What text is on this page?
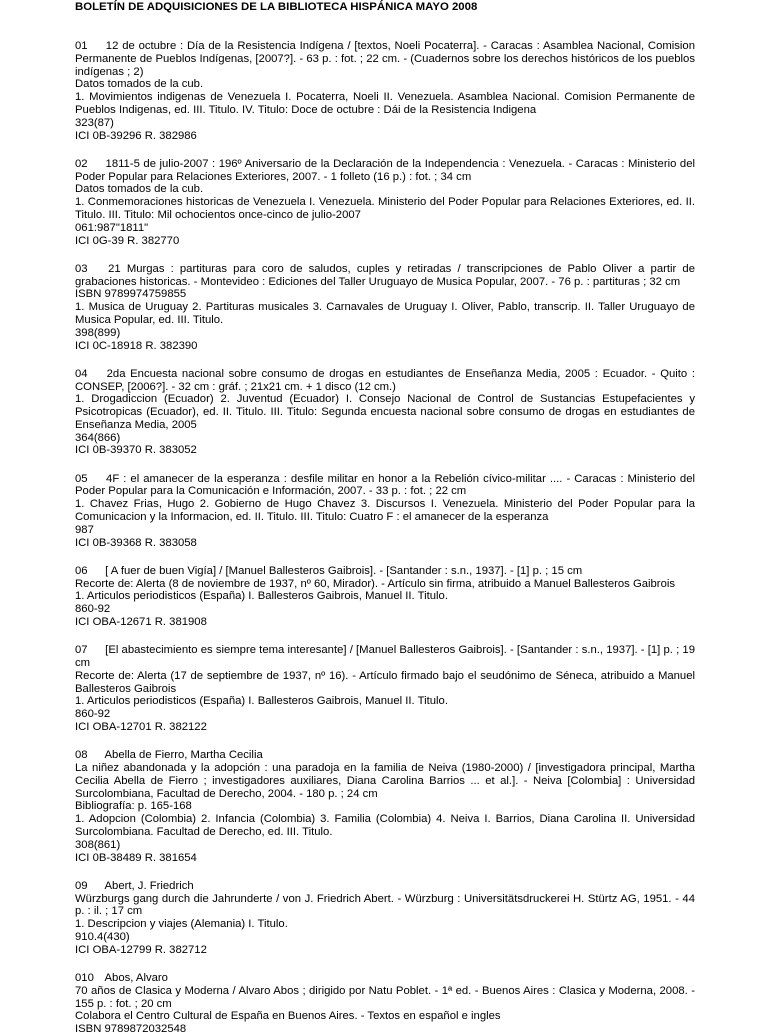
BOLETÍN DE ADQUISICIONES DE LA BIBLIOTECA HISPÁNICA MAYO 2008
01 12 de octubre : Día de la Resistencia Indígena / [textos, Noeli Pocaterra]. - Caracas : Asamblea Nacional, Comision Permanente de Pueblos Indígenas, [2007?]. - 63 p. : fot. ; 22 cm. - (Cuadernos sobre los derechos históricos de los pueblos indígenas ; 2)
Datos tomados de la cub.
1. Movimientos indigenas de Venezuela I. Pocaterra, Noeli II. Venezuela. Asamblea Nacional. Comision Permanente de Pueblos Indigenas, ed. III. Titulo. IV. Titulo: Doce de octubre : Dái de la Resistencia Indigena
323(87)
ICI 0B-39296 R. 382986
02 1811-5 de julio-2007 : 196º Aniversario de la Declaración de la Independencia : Venezuela. - Caracas : Ministerio del Poder Popular para Relaciones Exteriores, 2007. - 1 folleto (16 p.) : fot. ; 34 cm
Datos tomados de la cub.
1. Conmemoraciones historicas de Venezuela I. Venezuela. Ministerio del Poder Popular para Relaciones Exteriores, ed. II. Titulo. III. Titulo: Mil ochocientos once-cinco de julio-2007
061:987"1811"
ICI 0G-39 R. 382770
03 21 Murgas : partituras para coro de saludos, cuples y retiradas / transcripciones de Pablo Oliver a partir de grabaciones historicas. - Montevideo : Ediciones del Taller Uruguayo de Musica Popular, 2007. - 76 p. : partituras ; 32 cm
ISBN 9789974759855
1. Musica de Uruguay 2. Partituras musicales 3. Carnavales de Uruguay I. Oliver, Pablo, transcrip. II. Taller Uruguayo de Musica Popular, ed. III. Titulo.
398(899)
ICI 0C-18918 R. 382390
04 2da Encuesta nacional sobre consumo de drogas en estudiantes de Enseñanza Media, 2005 : Ecuador. - Quito : CONSEP, [2006?]. - 32 cm : gráf. ; 21x21 cm. + 1 disco (12 cm.)
1. Drogadiccion (Ecuador) 2. Juventud (Ecuador) I. Consejo Nacional de Control de Sustancias Estupefacientes y Psicotropicas (Ecuador), ed. II. Titulo. III. Titulo: Segunda encuesta nacional sobre consumo de drogas en estudiantes de Enseñanza Media, 2005
364(866)
ICI 0B-39370 R. 383052
05 4F : el amanecer de la esperanza : desfile militar en honor a la Rebelión cívico-militar .... - Caracas : Ministerio del Poder Popular para la Comunicación e Información, 2007. - 33 p. : fot. ; 22 cm
1. Chavez Frias, Hugo 2. Gobierno de Hugo Chavez 3. Discursos I. Venezuela. Ministerio del Poder Popular para la Comunicacion y la Informacion, ed. II. Titulo. III. Titulo: Cuatro F : el amanecer de la esperanza
987
ICI 0B-39368 R. 383058
06 [ A fuer de buen Vigía] / [Manuel Ballesteros Gaibrois]. - [Santander : s.n., 1937]. - [1] p. ; 15 cm
Recorte de: Alerta (8 de noviembre de 1937, nº 60, Mirador). - Artículo sin firma, atribuido a Manuel Ballesteros Gaibrois
1. Articulos periodisticos (España) I. Ballesteros Gaibrois, Manuel II. Titulo.
860-92
ICI OBA-12671 R. 381908
07 [El abastecimiento es siempre tema interesante] / [Manuel Ballesteros Gaibrois]. - [Santander : s.n., 1937]. - [1] p. ; 19 cm
Recorte de: Alerta (17 de septiembre de 1937, nº 16). - Artículo firmado bajo el seudónimo de Séneca, atribuido a Manuel Ballesteros Gaibrois
1. Articulos periodisticos (España) I. Ballesteros Gaibrois, Manuel II. Titulo.
860-92
ICI OBA-12701 R. 382122
08 Abella de Fierro, Martha Cecilia
La niñez abandonada y la adopción : una paradoja en la familia de Neiva (1980-2000) / [investigadora principal, Martha Cecilia Abella de Fierro ; investigadores auxiliares, Diana Carolina Barrios ... et al.]. - Neiva [Colombia] : Universidad Surcolombiana, Facultad de Derecho, 2004. - 180 p. ; 24 cm
Bibliografía: p. 165-168
1. Adopcion (Colombia) 2. Infancia (Colombia) 3. Familia (Colombia) 4. Neiva I. Barrios, Diana Carolina II. Universidad Surcolombiana. Facultad de Derecho, ed. III. Titulo.
308(861)
ICI 0B-38489 R. 381654
09 Abert, J. Friedrich
Würzburgs gang durch die Jahrunderte / von J. Friedrich Abert. - Würzburg : Universitätsdruckerei H. Stürtz AG, 1951. - 44 p. : il. ; 17 cm
1. Descripcion y viajes (Alemania) I. Titulo.
910.4(430)
ICI OBA-12799 R. 382712
010 Abos, Alvaro
70 años de Clasica y Moderna / Alvaro Abos ; dirigido por Natu Poblet. - 1ª ed. - Buenos Aires : Clasica y Moderna, 2008. - 155 p. : fot. ; 20 cm
Colabora el Centro Cultural de España en Buenos Aires. - Textos en español e ingles
ISBN 9789872032548
